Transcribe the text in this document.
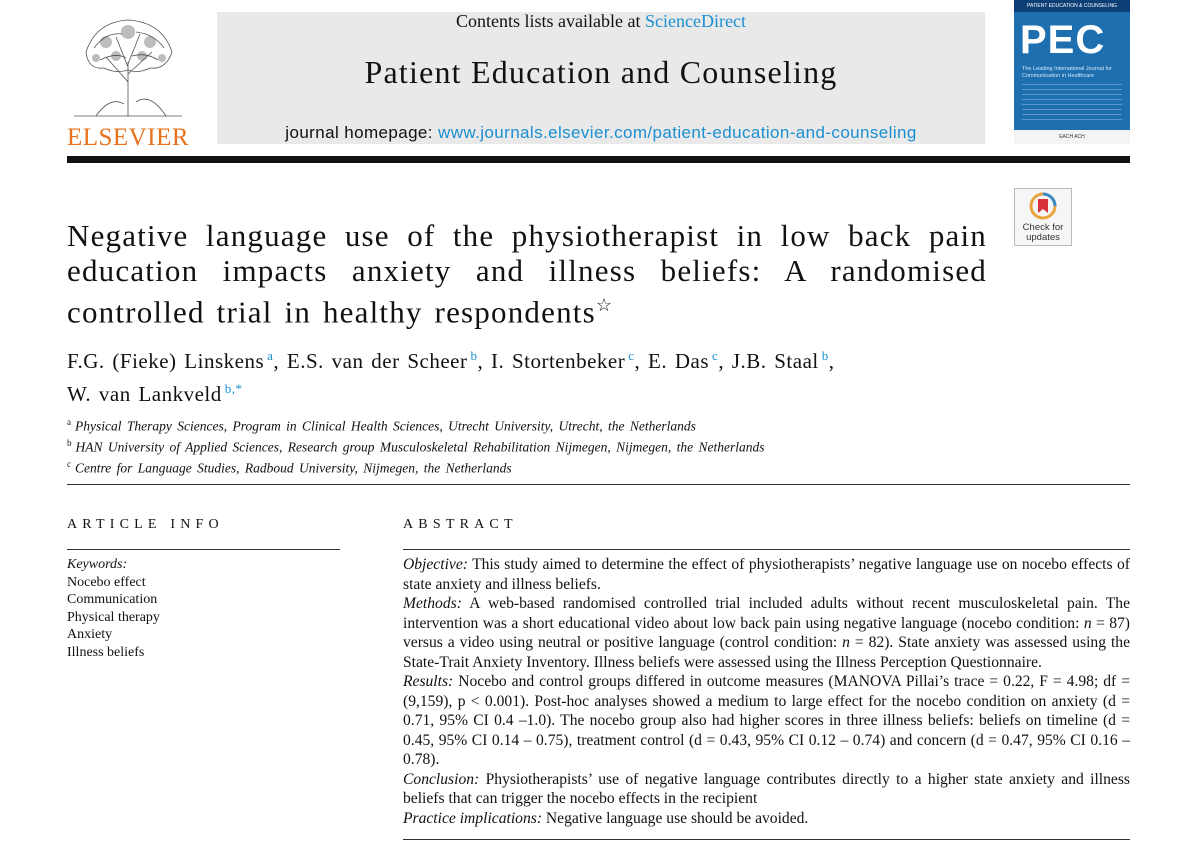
ELSEVIER
Contents lists available at ScienceDirect
Patient Education and Counseling
journal homepage: www.journals.elsevier.com/patient-education-and-counseling
PATIENT EDUCATION & COUNSELING
PEC
The Leading International Journal for Communication in Healthcare
EACH ACH
Check for
updates
Negative language use of the physiotherapist in low back pain education impacts anxiety and illness beliefs: A randomised controlled trial in healthy respondents☆
F.G. (Fieke) Linskens $^a$, E.S. van der Scheer $^b$, I. Stortenbeker $^c$, E. Das $^c$, J.B. Staal $^b$,
W. van Lankveld $^{b,*}$
$^a$ Physical Therapy Sciences, Program in Clinical Health Sciences, Utrecht University, Utrecht, the Netherlands
$^b$ HAN University of Applied Sciences, Research group Musculoskeletal Rehabilitation Nijmegen, Nijmegen, the Netherlands
$^c$ Centre for Language Studies, Radboud University, Nijmegen, the Netherlands
ARTICLE INFO
Keywords:
Nocebo effect
Communication
Physical therapy
Anxiety
Illness beliefs
ABSTRACT

Objective: This study aimed to determine the effect of physiotherapists’ negative language use on nocebo effects of state anxiety and illness beliefs.

Methods: A web-based randomised controlled trial included adults without recent musculoskeletal pain. The intervention was a short educational video about low back pain using negative language (nocebo condition: n = 87) versus a video using neutral or positive language (control condition: n = 82). State anxiety was assessed using the State-Trait Anxiety Inventory. Illness beliefs were assessed using the Illness Perception Questionnaire.

Results: Nocebo and control groups differed in outcome measures (MANOVA Pillai’s trace = 0.22, F = 4.98; df = (9,159), p < 0.001). Post-hoc analyses showed a medium to large effect for the nocebo condition on anxiety (d = 0.71, 95% CI 0.4 –1.0). The nocebo group also had higher scores in three illness beliefs: beliefs on timeline (d = 0.45, 95% CI 0.14 – 0.75), treatment control (d = 0.43, 95% CI 0.12 – 0.74) and concern (d = 0.47, 95% CI 0.16 – 0.78).

Conclusion: Physiotherapists’ use of negative language contributes directly to a higher state anxiety and illness beliefs that can trigger the nocebo effects in the recipient

Practice implications: Negative language use should be avoided.
